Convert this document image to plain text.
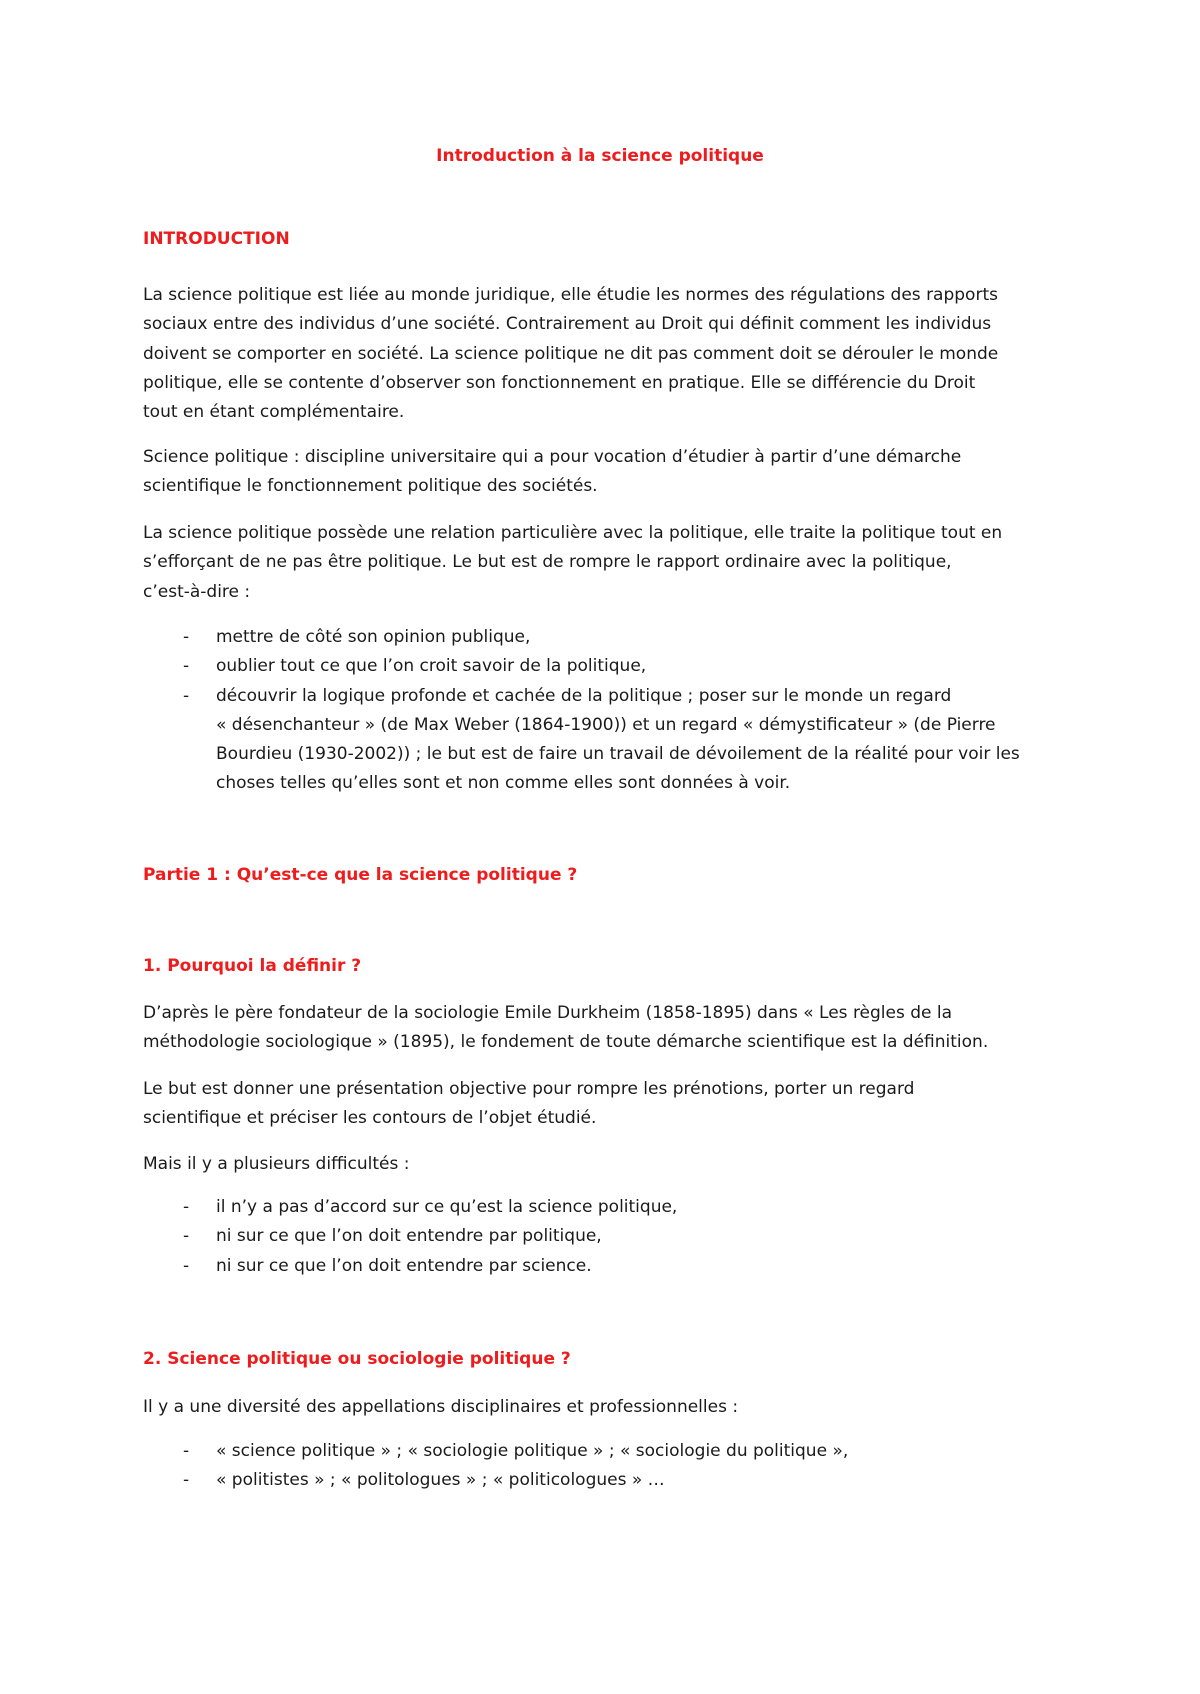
Introduction à la science politique
INTRODUCTION
La science politique est liée au monde juridique, elle étudie les normes des régulations des rapports
sociaux entre des individus d’une société. Contrairement au Droit qui définit comment les individus
doivent se comporter en société. La science politique ne dit pas comment doit se dérouler le monde
politique, elle se contente d’observer son fonctionnement en pratique. Elle se différencie du Droit
tout en étant complémentaire.
Science politique : discipline universitaire qui a pour vocation d’étudier à partir d’une démarche
scientifique le fonctionnement politique des sociétés.
La science politique possède une relation particulière avec la politique, elle traite la politique tout en
s’efforçant de ne pas être politique. Le but est de rompre le rapport ordinaire avec la politique,
c’est-à-dire :
- mettre de côté son opinion publique,
- oublier tout ce que l’on croit savoir de la politique,
- découvrir la logique profonde et cachée de la politique ; poser sur le monde un regard
« désenchanteur » (de Max Weber (1864-1900)) et un regard « démystificateur » (de Pierre
Bourdieu (1930-2002)) ; le but est de faire un travail de dévoilement de la réalité pour voir les
choses telles qu’elles sont et non comme elles sont données à voir.
Partie 1 : Qu’est-ce que la science politique ?
1. Pourquoi la définir ?
D’après le père fondateur de la sociologie Emile Durkheim (1858-1895) dans « Les règles de la
méthodologie sociologique » (1895), le fondement de toute démarche scientifique est la définition.
Le but est donner une présentation objective pour rompre les prénotions, porter un regard
scientifique et préciser les contours de l’objet étudié.
Mais il y a plusieurs difficultés :
- il n’y a pas d’accord sur ce qu’est la science politique,
- ni sur ce que l’on doit entendre par politique,
- ni sur ce que l’on doit entendre par science.
2. Science politique ou sociologie politique ?
Il y a une diversité des appellations disciplinaires et professionnelles :
- « science politique » ; « sociologie politique » ; « sociologie du politique »,
- « politistes » ; « politologues » ; « politicologues » …
